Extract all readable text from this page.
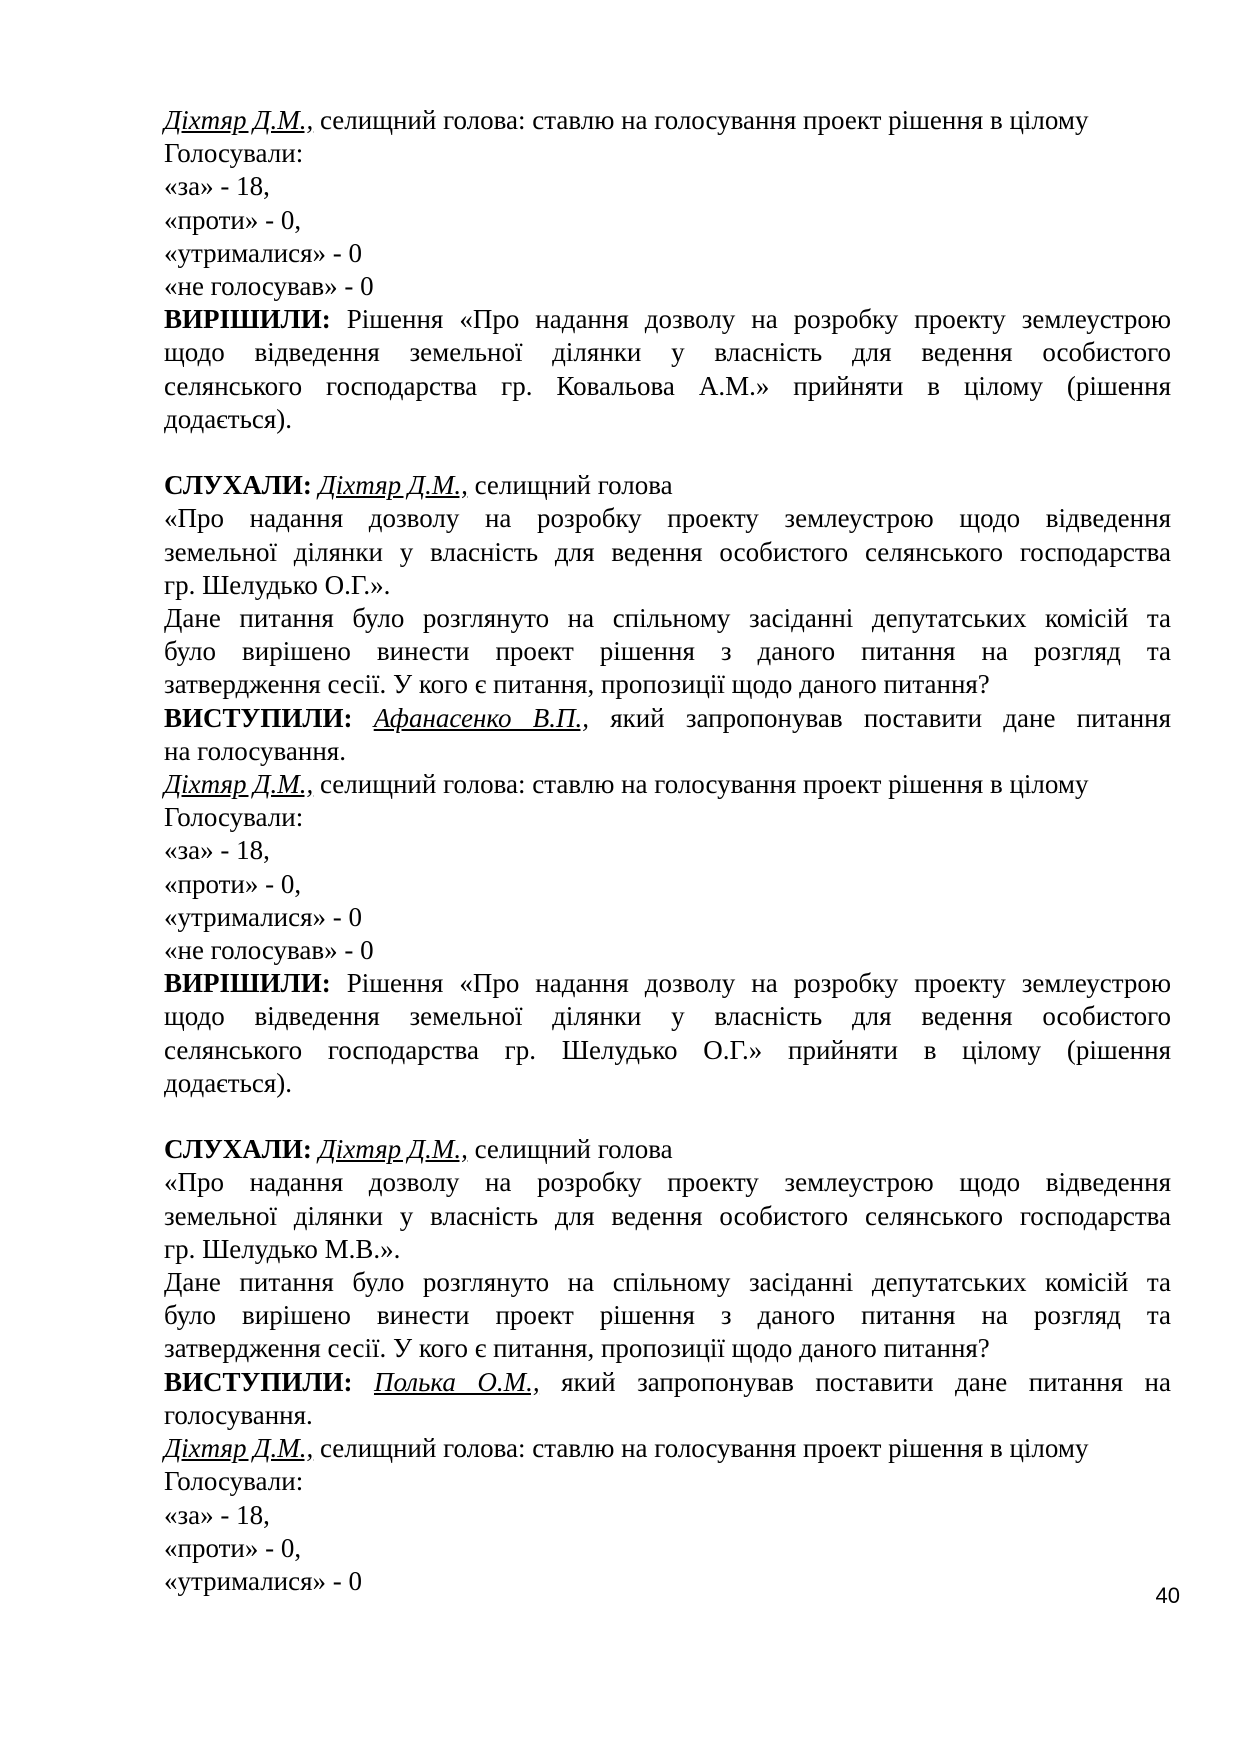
Діхтяр Д.М., селищний голова: ставлю на голосування проект рішення в цілому
Голосували:
«за» - 18,
«проти» - 0,
«утрималися» - 0
«не голосував» - 0
ВИРІШИЛИ: Рішення «Про надання дозволу на розробку проекту землеустрою
щодо відведення земельної ділянки у власність для ведення особистого
селянського господарства гр. Ковальова А.М.» прийняти в цілому (рішення
додається).
СЛУХАЛИ: Діхтяр Д.М., селищний голова
«Про надання дозволу на розробку проекту землеустрою щодо відведення
земельної ділянки у власність для ведення особистого селянського господарства
гр. Шелудько О.Г.».
Дане питання було розглянуто на спільному засіданні депутатських комісій та
було вирішено винести проект рішення з даного питання на розгляд та
затвердження сесії. У кого є питання, пропозиції щодо даного питання?
ВИСТУПИЛИ: Афанасенко В.П., який запропонував поставити дане питання
на голосування.
Діхтяр Д.М., селищний голова: ставлю на голосування проект рішення в цілому
Голосували:
«за» - 18,
«проти» - 0,
«утрималися» - 0
«не голосував» - 0
ВИРІШИЛИ: Рішення «Про надання дозволу на розробку проекту землеустрою
щодо відведення земельної ділянки у власність для ведення особистого
селянського господарства гр. Шелудько О.Г.» прийняти в цілому (рішення
додається).
СЛУХАЛИ: Діхтяр Д.М., селищний голова
«Про надання дозволу на розробку проекту землеустрою щодо відведення
земельної ділянки у власність для ведення особистого селянського господарства
гр. Шелудько М.В.».
Дане питання було розглянуто на спільному засіданні депутатських комісій та
було вирішено винести проект рішення з даного питання на розгляд та
затвердження сесії. У кого є питання, пропозиції щодо даного питання?
ВИСТУПИЛИ: Полька О.М., який запропонував поставити дане питання на
голосування.
Діхтяр Д.М., селищний голова: ставлю на голосування проект рішення в цілому
Голосували:
«за» - 18,
«проти» - 0,
«утрималися» - 0	40
